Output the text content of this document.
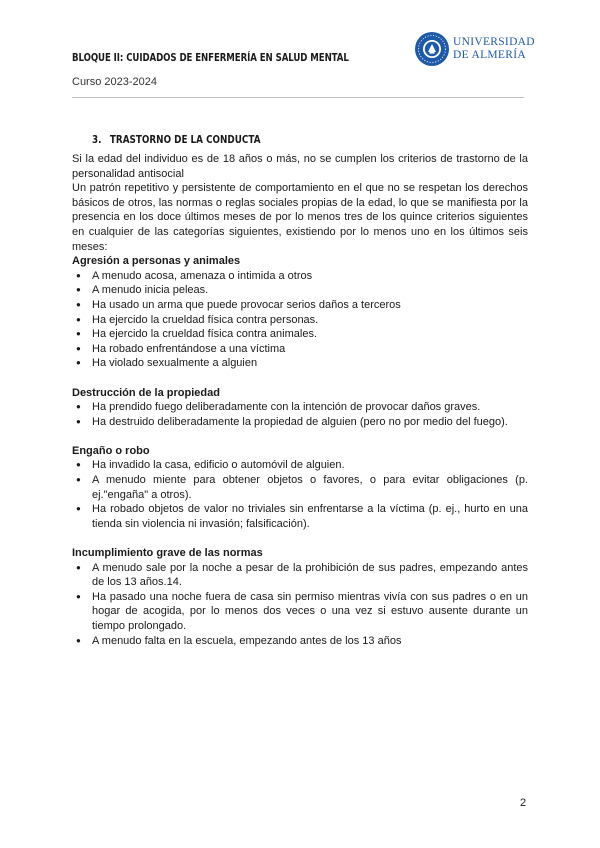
BLOQUE II: CUIDADOS DE ENFERMERÍA EN SALUD MENTAL
Curso 2023-2024
UNIVERSIDAD
DE ALMERÍA
3. TRASTORNO DE LA CONDUCTA

Si la edad del individuo es de 18 años o más, no se cumplen los criterios de trastorno de la personalidad antisocial

Un patrón repetitivo y persistente de comportamiento en el que no se respetan los derechos básicos de otros, las normas o reglas sociales propias de la edad, lo que se manifiesta por la presencia en los doce últimos meses de por lo menos tres de los quince criterios siguientes en cualquier de las categorías siguientes, existiendo por lo menos uno en los últimos seis meses:

Agresión a personas y animales
● A menudo acosa, amenaza o intimida a otros
● A menudo inicia peleas.
● Ha usado un arma que puede provocar serios daños a terceros
● Ha ejercido la crueldad física contra personas.
● Ha ejercido la crueldad física contra animales.
● Ha robado enfrentándose a una víctima
● Ha violado sexualmente a alguien
Destrucción de la propiedad
● Ha prendido fuego deliberadamente con la intención de provocar daños graves.
● Ha destruido deliberadamente la propiedad de alguien (pero no por medio del fuego).
Engaño o robo
● Ha invadido la casa, edificio o automóvil de alguien.
● A menudo miente para obtener objetos o favores, o para evitar obligaciones (p. ej."engaña" a otros).
● Ha robado objetos de valor no triviales sin enfrentarse a la víctima (p. ej., hurto en una tienda sin violencia ni invasión; falsificación).
Incumplimiento grave de las normas
● A menudo sale por la noche a pesar de la prohibición de sus padres, empezando antes de los 13 años.14.
● Ha pasado una noche fuera de casa sin permiso mientras vivía con sus padres o en un hogar de acogida, por lo menos dos veces o una vez si estuvo ausente durante un tiempo prolongado.
● A menudo falta en la escuela, empezando antes de los 13 años
2
